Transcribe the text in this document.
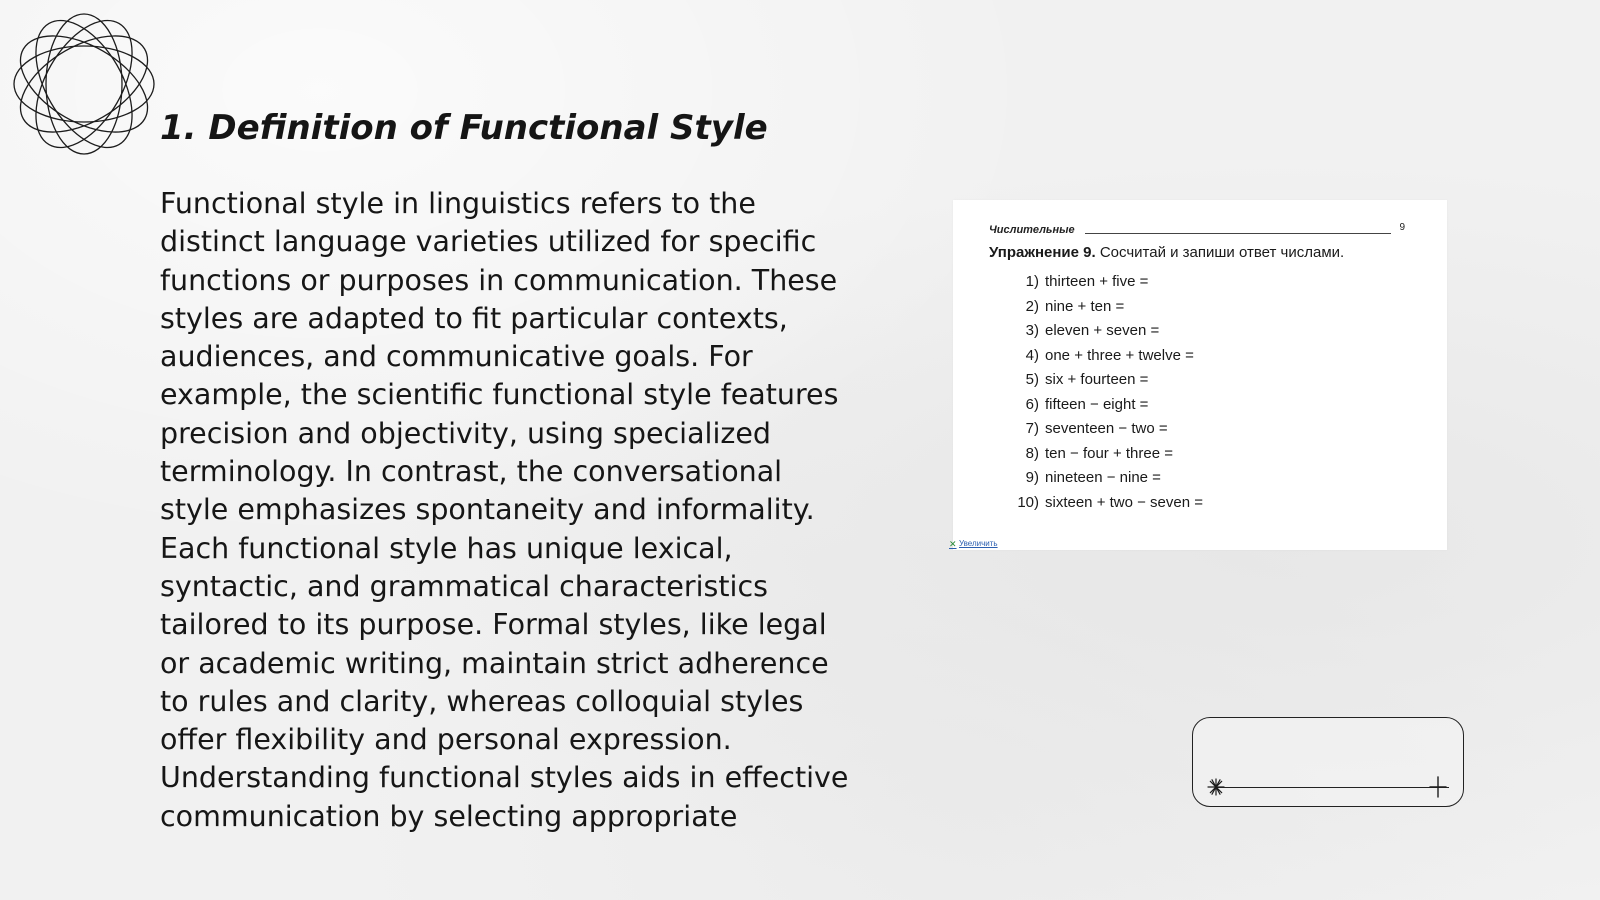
1. Definition of Functional Style

Functional style in linguistics refers to the distinct language varieties utilized for specific functions or purposes in communication. These styles are adapted to fit particular contexts, audiences, and communicative goals. For example, the scientific functional style features precision and objectivity, using specialized terminology. In contrast, the conversational style emphasizes spontaneity and informality. Each functional style has unique lexical, syntactic, and grammatical characteristics tailored to its purpose. Formal styles, like legal or academic writing, maintain strict adherence to rules and clarity, whereas colloquial styles offer flexibility and personal expression. Understanding functional styles aids in effective communication by selecting appropriate

Числительные	9
Упражнение 9. Сосчитай и запиши ответ числами.
1) thirteen + five =
2) nine + ten =
3) eleven + seven =
4) one + three + twelve =
5) six + fourteen =
6) fifteen − eight =
7) seventeen − two =
8) ten − four + three =
9) nineteen − nine =
10) sixteen + two − seven =
✕ Увеличить
